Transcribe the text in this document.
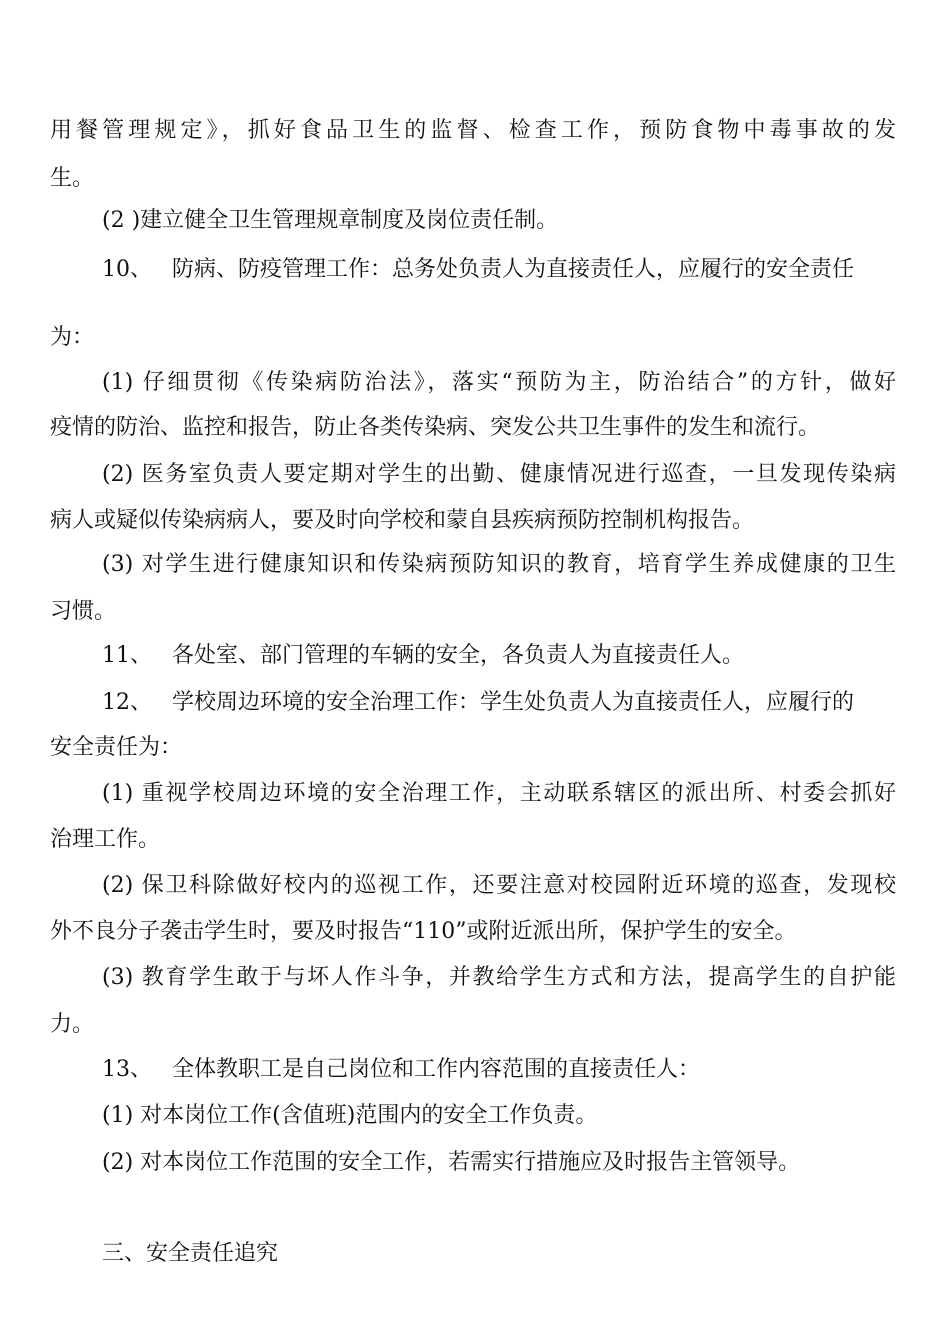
用餐管理规定》，抓好食品卫生的监督、检查工作，预防食物中毒事故的发
生。
(2 )建立健全卫生管理规章制度及岗位责任制。
10、 防病、防疫管理工作：总务处负责人为直接责任人，应履行的安全责任
为：
(1) 仔细贯彻《传染病防治法》，落实“预防为主，防治结合”的方针，做好
疫情的防治、监控和报告，防止各类传染病、突发公共卫生事件的发生和流行。
(2) 医务室负责人要定期对学生的出勤、健康情况进行巡查，一旦发现传染病
病人或疑似传染病病人，要及时向学校和蒙自县疾病预防控制机构报告。
(3) 对学生进行健康知识和传染病预防知识的教育，培育学生养成健康的卫生
习惯。
11、 各处室、部门管理的车辆的安全，各负责人为直接责任人。
12、 学校周边环境的安全治理工作：学生处负责人为直接责任人，应履行的
安全责任为：
(1) 重视学校周边环境的安全治理工作，主动联系辖区的派出所、村委会抓好
治理工作。
(2) 保卫科除做好校内的巡视工作，还要注意对校园附近环境的巡查，发现校
外不良分子袭击学生时，要及时报告“110”或附近派出所，保护学生的安全。
(3) 教育学生敢于与坏人作斗争，并教给学生方式和方法，提高学生的自护能
力。
13、 全体教职工是自己岗位和工作内容范围的直接责任人：
(1) 对本岗位工作(含值班)范围内的安全工作负责。
(2) 对本岗位工作范围的安全工作，若需实行措施应及时报告主管领导。
三、安全责任追究
